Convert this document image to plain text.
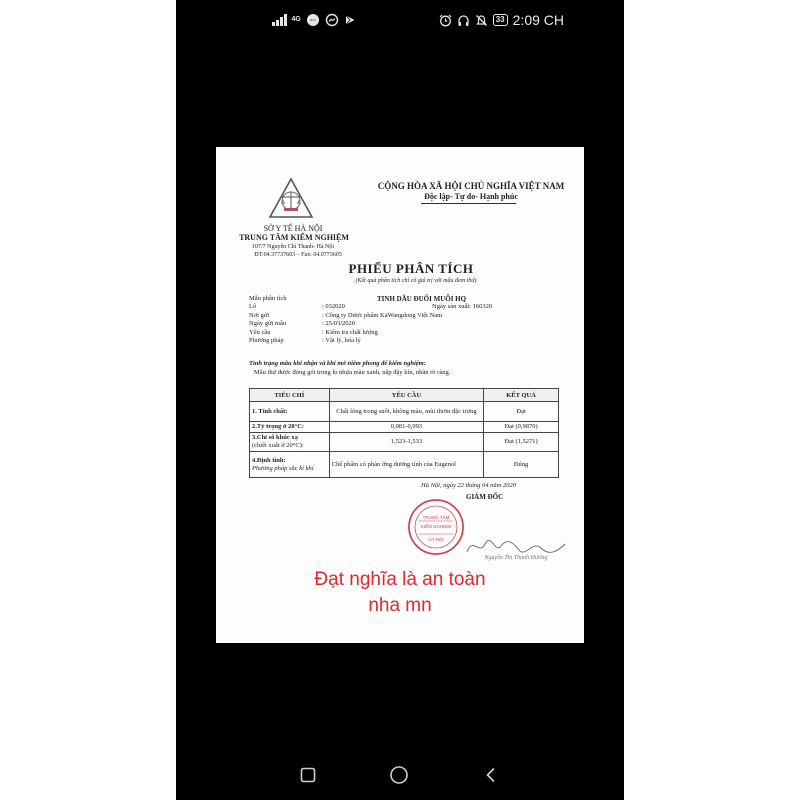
4G	33 2:09 CH
SỞ Y TẾ HÀ NỘI
TRUNG TÂM KIỂM NGHIỆM
107/7 Nguyễn Chí Thanh- Hà Nội
ĐT:04.37737603 – Fax: 04.0773605
CỘNG HÒA XÃ HỘI CHỦ NGHĨA VIỆT NAM
Độc lập- Tự do- Hạnh phúc
PHIẾU PHÂN TÍCH
(Kết quả phân tích chỉ có giá trị với mẫu đem thử)
Mẫu phân tích	TINH DẦU ĐUỔI MUỖI HQ
Lô	: 032020	Ngày sản xuất: 160320
Nơi gửi	: Công ty Dược phẩm KaWangdong Việt Nam
Ngày gửi mẫu	: 25/03/2020
Yêu cầu	: Kiểm tra chất lượng
Phương pháp	: Vật lý, hóa lý
Tình trạng mẫu khi nhận và khi mở niêm phong để kiểm nghiệm:
Mẫu thử được đóng gói trong lọ nhựa màu xanh, nắp đậy kín, nhãn rõ ràng.
TIÊU CHÍ	YÊU CẦU	KẾT QUẢ
1. Tính chất:	Chất lỏng trong suốt, không màu, mùi thơm đặc trưng	Đạt
2.Tỷ trọng ở 20°C:	0,981-0,993	Đạt (0,9870)
3.Chỉ số khúc xạ
(chiết xuất ở 20°C):	1,523-1,533	Đạt (1,5271)
4.Định tính:
Phương pháp sắc kí khí	Chế phẩm có phản ứng dương tính của Eugenol	Đúng
Hà Nội, ngày 22 tháng 04 năm 2020
GIÁM ĐỐC
TRUNG TÂM
KIỂM NGHIỆM
HÀ NỘI
Nguyễn Thị Thanh Hương
Đạt nghĩa là an toàn
nha mn
